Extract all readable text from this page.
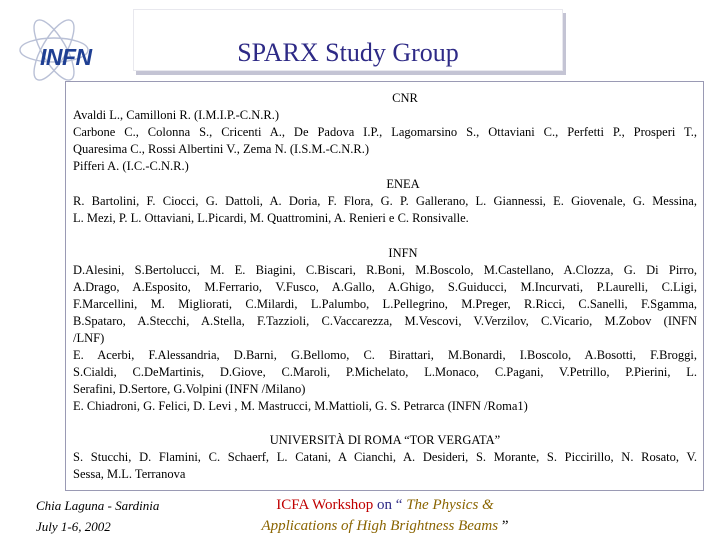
INFN	SPARX Study Group
CNR
Avaldi L., Camilloni R. (I.M.I.P.-C.N.R.)
Carbone C., Colonna S., Cricenti A., De Padova I.P., Lagomarsino S., Ottaviani C., Perfetti P., Prosperi T.,
Quaresima C., Rossi Albertini V., Zema N. (I.S.M.-C.N.R.)
Pifferi A. (I.C.-C.N.R.)
ENEA
R. Bartolini, F. Ciocci, G. Dattoli, A. Doria, F. Flora, G. P. Gallerano, L. Giannessi, E. Giovenale, G. Messina,
L. Mezi, P. L. Ottaviani, L.Picardi, M. Quattromini, A. Renieri e C. Ronsivalle.
INFN
D.Alesini, S.Bertolucci, M. E. Biagini, C.Biscari, R.Boni, M.Boscolo, M.Castellano, A.Clozza, G. Di Pirro,
A.Drago, A.Esposito, M.Ferrario, V.Fusco, A.Gallo, A.Ghigo, S.Guiducci, M.Incurvati, P.Laurelli, C.Ligi,
F.Marcellini, M. Migliorati, C.Milardi, L.Palumbo, L.Pellegrino, M.Preger, R.Ricci, C.Sanelli, F.Sgamma,
B.Spataro, A.Stecchi, A.Stella, F.Tazzioli, C.Vaccarezza, M.Vescovi, V.Verzilov, C.Vicario, M.Zobov (INFN
/LNF)
E. Acerbi, F.Alessandria, D.Barni, G.Bellomo, C. Birattari, M.Bonardi, I.Boscolo, A.Bosotti, F.Broggi,
S.Cialdi, C.DeMartinis, D.Giove, C.Maroli, P.Michelato, L.Monaco, C.Pagani, V.Petrillo, P.Pierini, L.
Serafini, D.Sertore, G.Volpini (INFN /Milano)
E. Chiadroni, G. Felici, D. Levi , M. Mastrucci, M.Mattioli, G. S. Petrarca (INFN /Roma1)
UNIVERSITÀ DI ROMA “TOR VERGATA”
S. Stucchi, D. Flamini, C. Schaerf, L. Catani, A Cianchi, A. Desideri, S. Morante, S. Piccirillo, N. Rosato, V.
Sessa, M.L. Terranova
Chia Laguna - Sardinia
July 1-6, 2002
ICFA Workshop on “ The Physics &
Applications of High Brightness Beams ”
